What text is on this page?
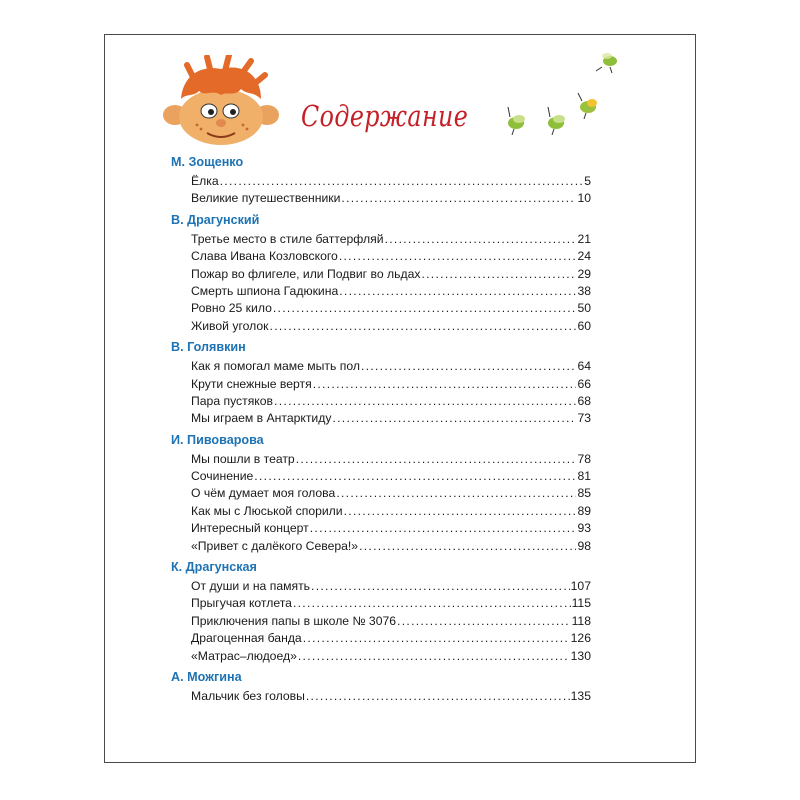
Содержание
М. Зощенко
Ёлка . . .	5
Великие путешественники . . .	10
В. Драгунский
Третье место в стиле баттерфляй . . .	21
Слава Ивана Козловского . . .	24
Пожар во флигеле, или Подвиг во льдах . . .	29
Смерть шпиона Гадюкина . . .	38
Ровно 25 кило . . .	50
Живой уголок . . .	60
В. Голявкин
Как я помогал маме мыть пол . . .	64
Крути снежные вертя . . .	66
Пара пустяков . . .	68
Мы играем в Антарктиду . . .	73
И. Пивоварова
Мы пошли в театр . . .	78
Сочинение . . .	81
О чём думает моя голова . . .	85
Как мы с Люськой спорили . . .	89
Интересный концерт . . .	93
«Привет с далёкого Севера!» . . .	98
К. Драгунская
От души и на память . . .	107
Прыгучая котлета . . .	115
Приключения папы в школе № 3076 . . .	118
Драгоценная банда . . .	126
«Матрас–людоед» . . .	130
А. Можгина
Мальчик без головы . . .	135
